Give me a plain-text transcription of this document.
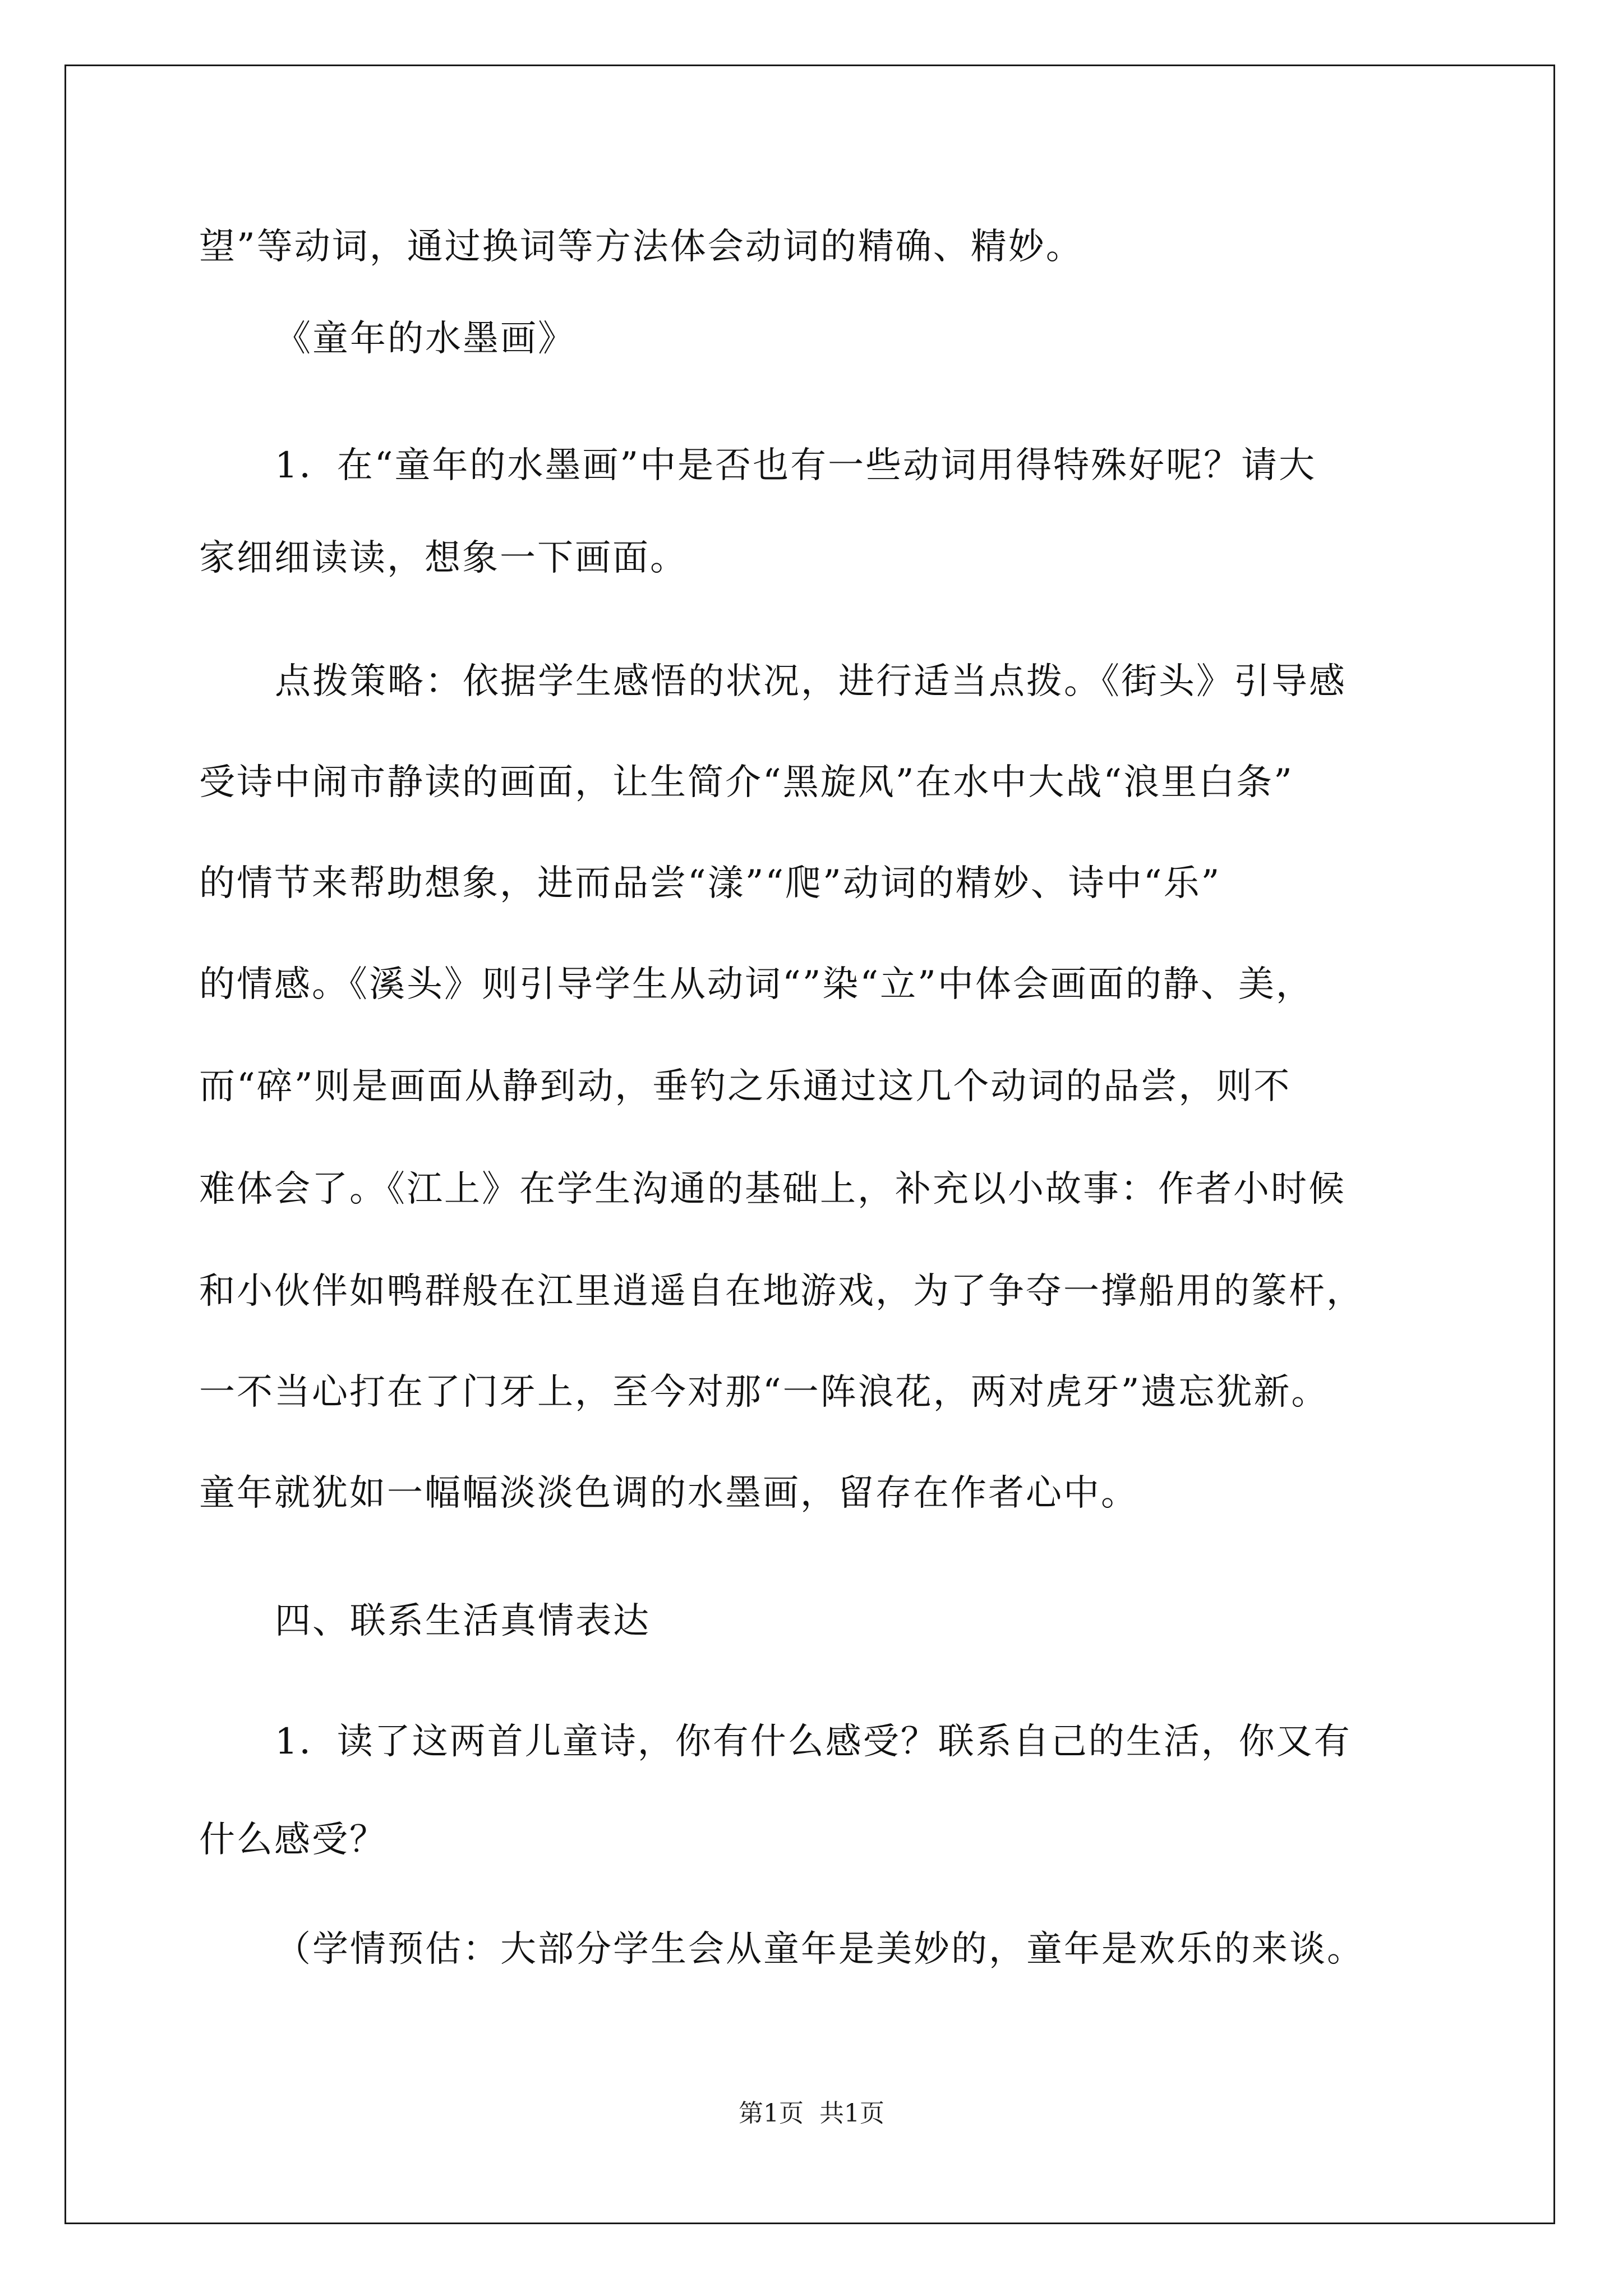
望”等动词，通过换词等方法体会动词的精确、精妙。
《童年的水墨画》
1．在“童年的水墨画”中是否也有一些动词用得特殊好呢？请大
家细细读读，想象一下画面。
点拨策略：依据学生感悟的状况，进行适当点拨。《街头》引导感
受诗中闹市静读的画面，让生简介“黑旋风”在水中大战“浪里白条”
的情节来帮助想象，进而品尝“漾”“爬”动词的精妙、诗中“乐”
的情感。《溪头》则引导学生从动词“”染“立”中体会画面的静、美，
而“碎”则是画面从静到动，垂钓之乐通过这几个动词的品尝，则不
难体会了。《江上》在学生沟通的基础上，补充以小故事：作者小时候
和小伙伴如鸭群般在江里逍遥自在地游戏，为了争夺一撑船用的篆杆，
一不当心打在了门牙上，至今对那“一阵浪花，两对虎牙”遗忘犹新。
童年就犹如一幅幅淡淡色调的水墨画，留存在作者心中。
四、联系生活真情表达
1．读了这两首儿童诗，你有什么感受？联系自己的生活，你又有
什么感受？
（学情预估：大部分学生会从童年是美妙的，童年是欢乐的来谈。
第1页 共1页
